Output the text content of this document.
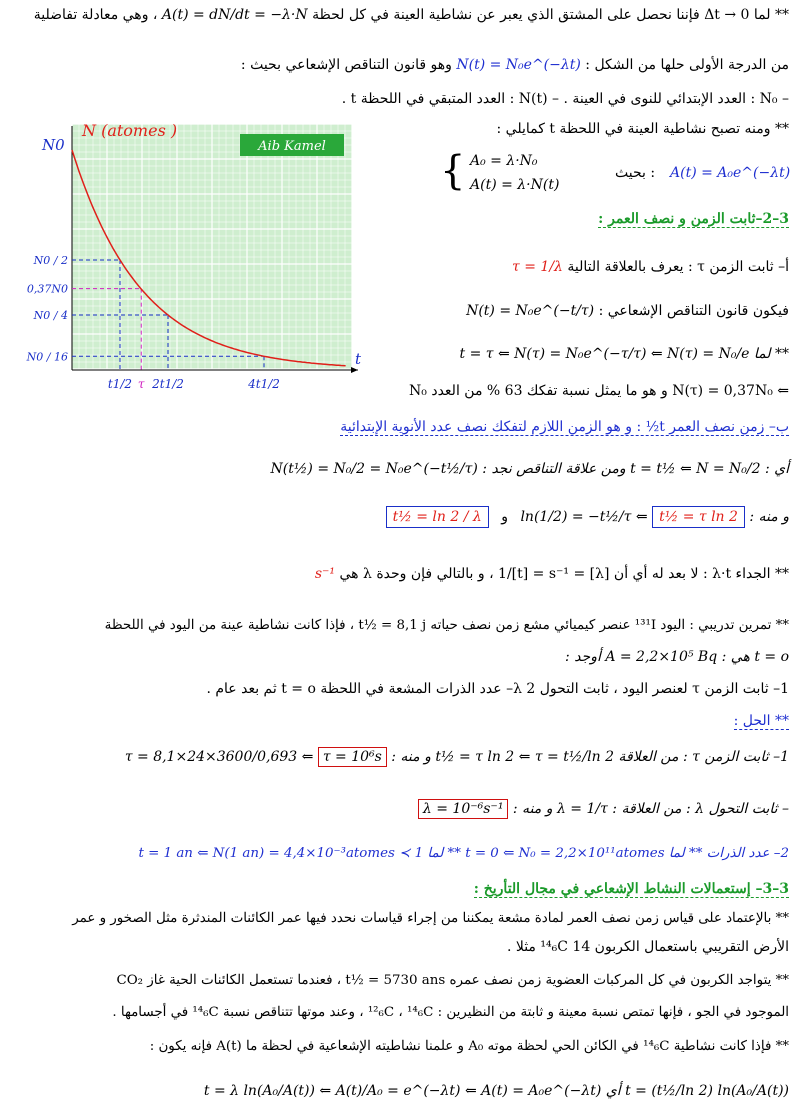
** لما Δt → 0 فإننا نحصل على المشتق الذي يعبر عن نشاطية العينة في كل لحظة A(t) = dN/dt = −λ·N ، وهي معادلة تفاضلية
من الدرجة الأولى حلها من الشكل : N(t) = N₀e^(−λt) وهو قانون التناقص الإشعاعي بحيث :
– N₀ : العدد الإبتدائي للنوى في العينة . – N(t) : العدد المتبقي في اللحظة t .
** ومنه تصبح نشاطية العينة في اللحظة t كمايلي :
A(t) = A₀e^(−λt)
بحيث :
{ A₀ = λ·N₀
A(t) = λ·N(t)
3–2–ثابت الزمن و نصف العمر :
Aib Kamel
N (atomes )
N0
t
N0 / 2
0,37N0
N0 / 4
N0 / 16
t1/2 τ 2t1/2	4t1/2
أ– ثابت الزمن τ : يعرف بالعلاقة التالية τ = 1/λ
فيكون قانون التناقص الإشعاعي : N(t) = N₀e^(−t/τ)
** لما t = τ ⇐ N(τ) = N₀e^(−τ/τ) ⇐ N(τ) = N₀/e
⇐ N(τ) = 0,37N₀ و هو ما يمثل نسبة تفكك 63 % من العدد N₀
ب– زمن نصف العمر t½ : و هو الزمن اللازم لتفكك نصف عدد الأنوية الإبتدائية
أي : t = t½ ⇐ N = N₀/2 ومن علاقة التناقص نجد : N(t½) = N₀/2 = N₀e^(−t½/τ)
و منه : ln(1/2) = −t½/τ ⇐ t½ = τ ln 2 و t½ = ln 2 / λ
** الجداء λ·t : لا بعد له أي أن [λ] = 1/[t] = s⁻¹ ، و بالتالي فإن وحدة λ هي s⁻¹
** تمرين تدريبي : اليود ¹³¹I عنصر كيميائي مشع زمن نصف حياته t½ = 8,1 j ، فإذا كانت نشاطية عينة من اليود في اللحظة
t = o هي : A = 2,2×10⁵ Bq أوجد :
1– ثابت الزمن τ لعنصر اليود ، ثابت التحول λ 2– عدد الذرات المشعة في اللحظة t = o ثم بعد عام .
** الحل :
1– ثابت الزمن τ : من العلاقة t½ = τ ln 2 ⇐ τ = t½/ln 2 و منه : τ = 8,1×24×3600/0,693 ⇐ τ = 10⁶s
– ثابت التحول λ : من العلاقة : λ = 1/τ و منه : λ = 10⁻⁶s⁻¹
2– عدد الذرات ** لما t = 0 ⇐ N₀ = 2,2×10¹¹atomes ** لما t = 1 an ⇐ N(1 an) = 4,4×10⁻³atomes ≺ 1
3–3– إستعمالات النشاط الإشعاعي في مجال التأريخ :
** بالإعتماد على قياس زمن نصف العمر لمادة مشعة يمكننا من إجراء قياسات نحدد فيها عمر الكائنات المندثرة مثل الصخور و عمر
الأرض التقريبي باستعمال الكربون 14 ¹⁴₆C مثلا .
** يتواجد الكربون في كل المركبات العضوية زمن نصف عمره t½ = 5730 ans ، فعندما تستعمل الكائنات الحية غاز CO₂
الموجود في الجو ، فإنها تمتص نسبة معينة و ثابتة من النظيرين : ¹²₆C ، ¹⁴₆C ، وعند موتها تتناقص نسبة ¹⁴₆C في أجسامها .
** فإذا كانت نشاطية ¹⁴₆C في الكائن الحي لحظة موته A₀ و علمنا نشاطيته الإشعاعية في لحظة ما A(t) فإنه يكون :
t = (t½/ln 2) ln(A₀/A(t)) أي t = λ ln(A₀/A(t)) ⇐ A(t)/A₀ = e^(−λt) ⇐ A(t) = A₀e^(−λt)
